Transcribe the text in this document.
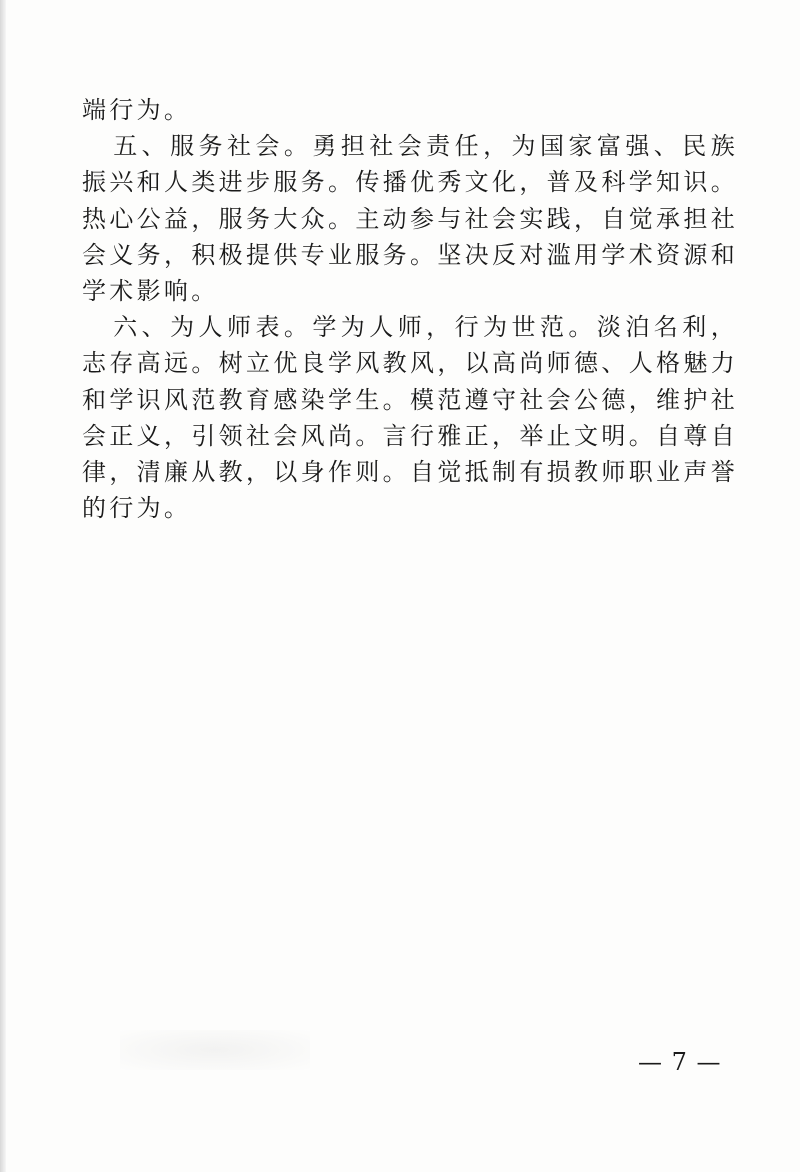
端行为。

五、服务社会。勇担社会责任，为国家富强、民族振兴和人类进步服务。传播优秀文化，普及科学知识。热心公益，服务大众。主动参与社会实践，自觉承担社会义务，积极提供专业服务。坚决反对滥用学术资源和学术影响。

六、为人师表。学为人师，行为世范。淡泊名利，志存高远。树立优良学风教风，以高尚师德、人格魅力和学识风范教育感染学生。模范遵守社会公德，维护社会正义，引领社会风尚。言行雅正，举止文明。自尊自律，清廉从教，以身作则。自觉抵制有损教师职业声誉的行为。

— 7 —
